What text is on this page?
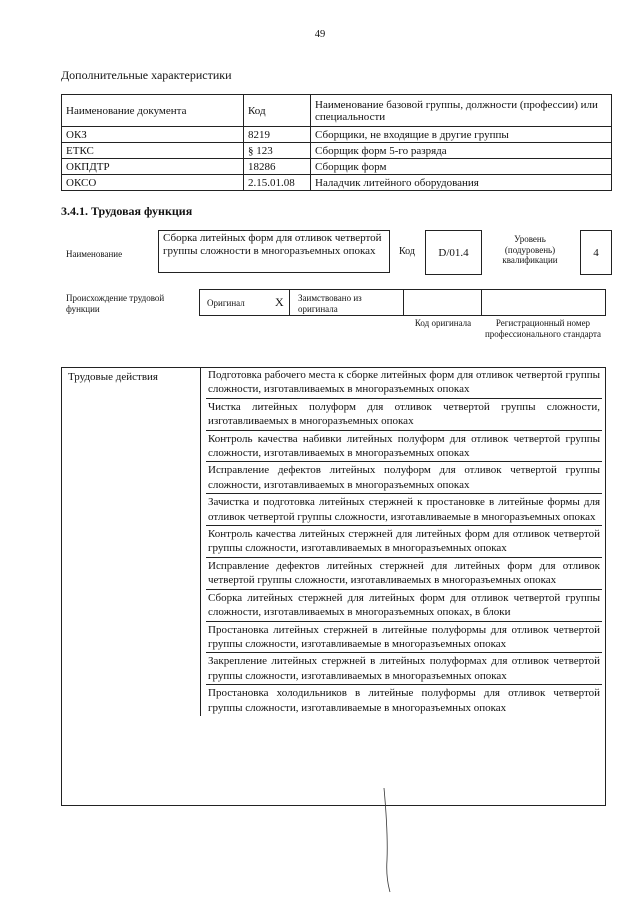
49
Дополнительные характеристики
Наименование документа	Код	Наименование базовой группы, должности (профессии) или специальности
ОКЗ	8219	Сборщики, не входящие в другие группы
ЕТКС	§ 123	Сборщик форм 5-го разряда
ОКПДТР	18286	Сборщик форм
ОКСО	2.15.01.08	Наладчик литейного оборудования
3.4.1. Трудовая функция
Наименование
Сборка литейных форм для отливок четвертой группы сложности в многоразъемных опоках	Код	D/01.4
Уровень (подуровень) квалификации
4
Происхождение трудовой функции
Оригинал	X Заимствовано из оригинала
Код оригинала	Регистрационный номер профессионального стандарта
Трудовые действия	Подготовка рабочего места к сборке литейных форм для отливок четвертой группы сложности, изготавливаемых в многоразъемных опоках
Чистка литейных полуформ для отливок четвертой группы сложности, изготавливаемых в многоразъемных опоках
Контроль качества набивки литейных полуформ для отливок четвертой группы сложности, изготавливаемых в многоразъемных опоках
Исправление дефектов литейных полуформ для отливок четвертой группы сложности, изготавливаемых в многоразъемных опоках
Зачистка и подготовка литейных стержней к простановке в литейные формы для отливок четвертой группы сложности, изготавливаемые в многоразъемных опоках
Контроль качества литейных стержней для литейных форм для отливок четвертой группы сложности, изготавливаемых в многоразъемных опоках
Исправление дефектов литейных стержней для литейных форм для отливок четвертой группы сложности, изготавливаемых в многоразъемных опоках
Сборка литейных стержней для литейных форм для отливок четвертой группы сложности, изготавливаемых в многоразъемных опоках, в блоки
Простановка литейных стержней в литейные полуформы для отливок четвертой группы сложности, изготавливаемые в многоразъемных опоках
Закрепление литейных стержней в литейных полуформах для отливок четвертой группы сложности, изготавливаемых в многоразъемных опоках
Простановка холодильников в литейные полуформы для отливок четвертой группы сложности, изготавливаемые в многоразъемных опоках
